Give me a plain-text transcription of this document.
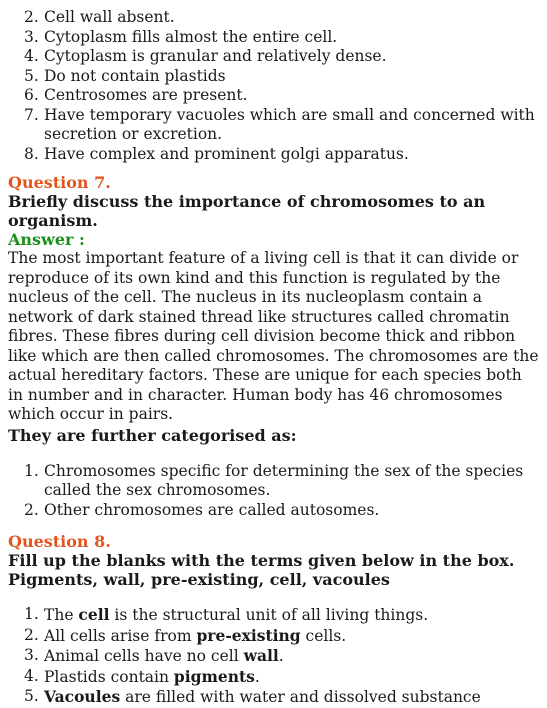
2. Cell wall absent.
3. Cytoplasm fills almost the entire cell.
4. Cytoplasm is granular and relatively dense.
5. Do not contain plastids
6. Centrosomes are present.
7. Have temporary vacuoles which are small and concerned with secretion or excretion.
8. Have complex and prominent golgi apparatus.
Question 7.
Briefly discuss the importance of chromosomes to an organism.
Answer :
The most important feature of a living cell is that it can divide or reproduce of its own kind and this function is regulated by the nucleus of the cell. The nucleus in its nucleoplasm contain a network of dark stained thread like structures called chromatin fibres. These fibres during cell division become thick and ribbon like which are then called chromosomes. The chromosomes are the actual hereditary factors. These are unique for each species both in number and in character. Human body has 46 chromosomes which occur in pairs.
They are further categorised as:
1. Chromosomes specific for determining the sex of the species called the sex chromosomes.
2. Other chromosomes are called autosomes.
Question 8.
Fill up the blanks with the terms given below in the box.
Pigments, wall, pre-existing, cell, vacoules
1. The cell is the structural unit of all living things.
2. All cells arise from pre-existing cells.
3. Animal cells have no cell wall.
4. Plastids contain pigments.
5. Vacoules are filled with water and dissolved substance
